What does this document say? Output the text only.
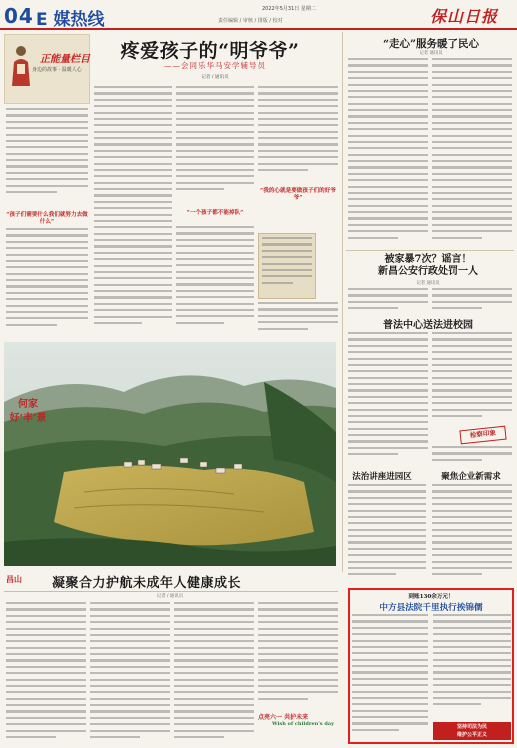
04 E 媒热线
2022年5月31日 星期二
责任编辑 / 审核 / 排版 / 校对	保山日报
正能量栏目
身边的故事 · 温暖人心
疼爱孩子的“明爷爷”
——会同乐华马安学辅导员
记者 / 通讯员
“孩子们需要什么我们就努力去做什么”
“一个孩子都不能掉队”
“我的心就是要做孩子们的好爷爷”
“走心”服务暖了民心
记者 通讯员
被家暴7次？谣言！
新昌公安行政处罚一人
记者 通讯员
普法中心送法进校园
检察印象
何家好‘丰’景
法治讲座进园区	聚焦企业新需求
昌山 凝聚合力护航未成年人健康成长
记者 / 通讯员
点亮六一 共护未来
Wish of children's day
到账130余万元！
中方县法院千里执行挨锦儒
坚持司法为民
维护公平正义
